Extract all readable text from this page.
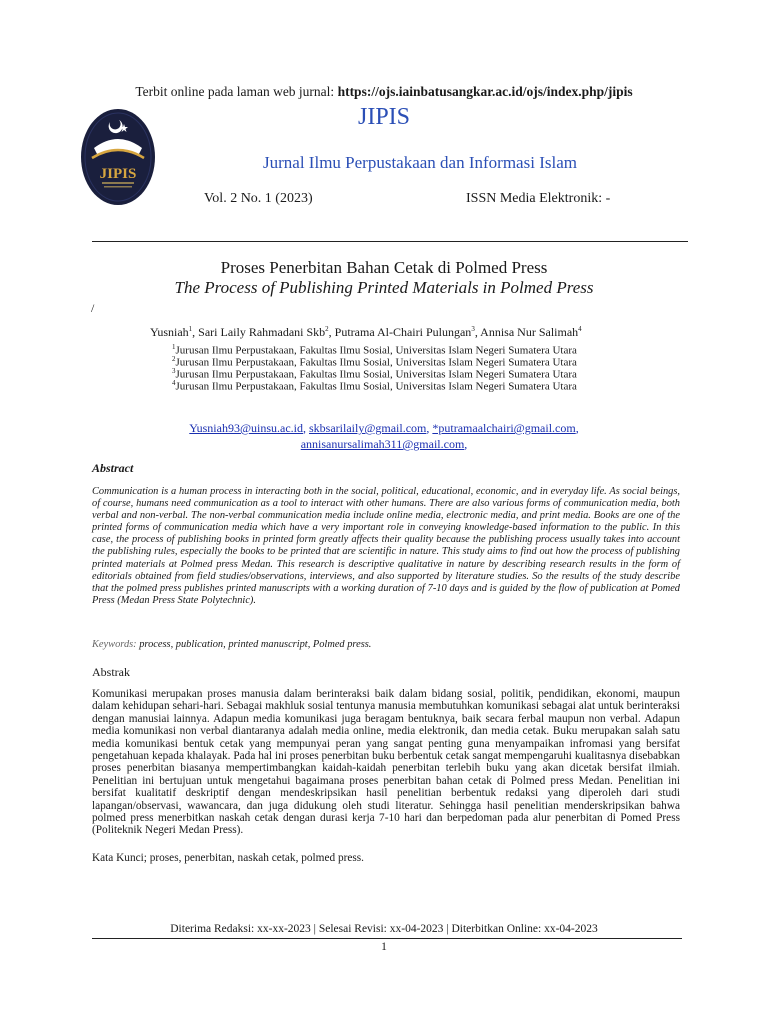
Terbit online pada laman web jurnal: https://ojs.iainbatusangkar.ac.id/ojs/index.php/jipis
JIPIS
JIPIS
Jurnal Ilmu Perpustakaan dan Informasi Islam
Vol. 2 No. 1 (2023)	ISSN Media Elektronik: -
Proses Penerbitan Bahan Cetak di Polmed Press
The Process of Publishing Printed Materials in Polmed Press
/
Yusniah$^1$, Sari Laily Rahmadani Skb$^2$, Putrama Al-Chairi Pulungan$^3$, Annisa Nur Salimah$^4$
$^1$Jurusan Ilmu Perpustakaan, Fakultas Ilmu Sosial, Universitas Islam Negeri Sumatera Utara
$^2$Jurusan Ilmu Perpustakaan, Fakultas Ilmu Sosial, Universitas Islam Negeri Sumatera Utara
$^3$Jurusan Ilmu Perpustakaan, Fakultas Ilmu Sosial, Universitas Islam Negeri Sumatera Utara
$^4$Jurusan Ilmu Perpustakaan, Fakultas Ilmu Sosial, Universitas Islam Negeri Sumatera Utara
Yusniah93@uinsu.ac.id, skbsarilaily@gmail.com, *putramaalchairi@gmail.com,
annisanursalimah311@gmail.com,
Abstract
Communication is a human process in interacting both in the social, political, educational, economic, and in everyday life. As social beings, of course, humans need communication as a tool to interact with other humans. There are also various forms of communication media, both verbal and non-verbal. The non-verbal communication media include online media, electronic media, and print media. Books are one of the printed forms of communication media which have a very important role in conveying knowledge-based information to the public. In this case, the process of publishing books in printed form greatly affects their quality because the publishing process usually takes into account the publishing rules, especially the books to be printed that are scientific in nature. This study aims to find out how the process of publishing printed materials at Polmed press Medan. This research is descriptive qualitative in nature by describing research results in the form of editorials obtained from field studies/observations, interviews, and also supported by literature studies. So the results of the study describe that the polmed press publishes printed manuscripts with a working duration of 7-10 days and is guided by the flow of publication at Pomed Press (Medan Press State Polytechnic).
Keywords: process, publication, printed manuscript, Polmed press.
Abstrak
Komunikasi merupakan proses manusia dalam berinteraksi baik dalam bidang sosial, politik, pendidikan, ekonomi, maupun dalam kehidupan sehari-hari. Sebagai makhluk sosial tentunya manusia membutuhkan komunikasi sebagai alat untuk berinteraksi dengan manusiai lainnya. Adapun media komunikasi juga beragam bentuknya, baik secara ferbal maupun non verbal. Adapun media komunikasi non verbal diantaranya adalah media online, media elektronik, dan media cetak. Buku merupakan salah satu media komunikasi bentuk cetak yang mempunyai peran yang sangat penting guna menyampaikan infromasi yang bersifat pengetahuan kepada khalayak. Pada hal ini proses penerbitan buku berbentuk cetak sangat mempengaruhi kualitasnya disebabkan proses penerbitan biasanya mempertimbangkan kaidah-kaidah penerbitan terlebih buku yang akan dicetak bersifat ilmiah. Penelitian ini bertujuan untuk mengetahui bagaimana proses penerbitan bahan cetak di Polmed press Medan. Penelitian ini bersifat kualitatif deskriptif dengan mendeskripsikan hasil penelitian berbentuk redaksi yang diperoleh dari studi lapangan/observasi, wawancara, dan juga didukung oleh studi literatur. Sehingga hasil penelitian menderskripsikan bahwa polmed press menerbitkan naskah cetak dengan durasi kerja 7-10 hari dan berpedoman pada alur penerbitan di Pomed Press (Politeknik Negeri Medan Press).
Kata Kunci; proses, penerbitan, naskah cetak, polmed press.
Diterima Redaksi: xx-xx-2023 | Selesai Revisi: xx-04-2023 | Diterbitkan Online: xx-04-2023
1
